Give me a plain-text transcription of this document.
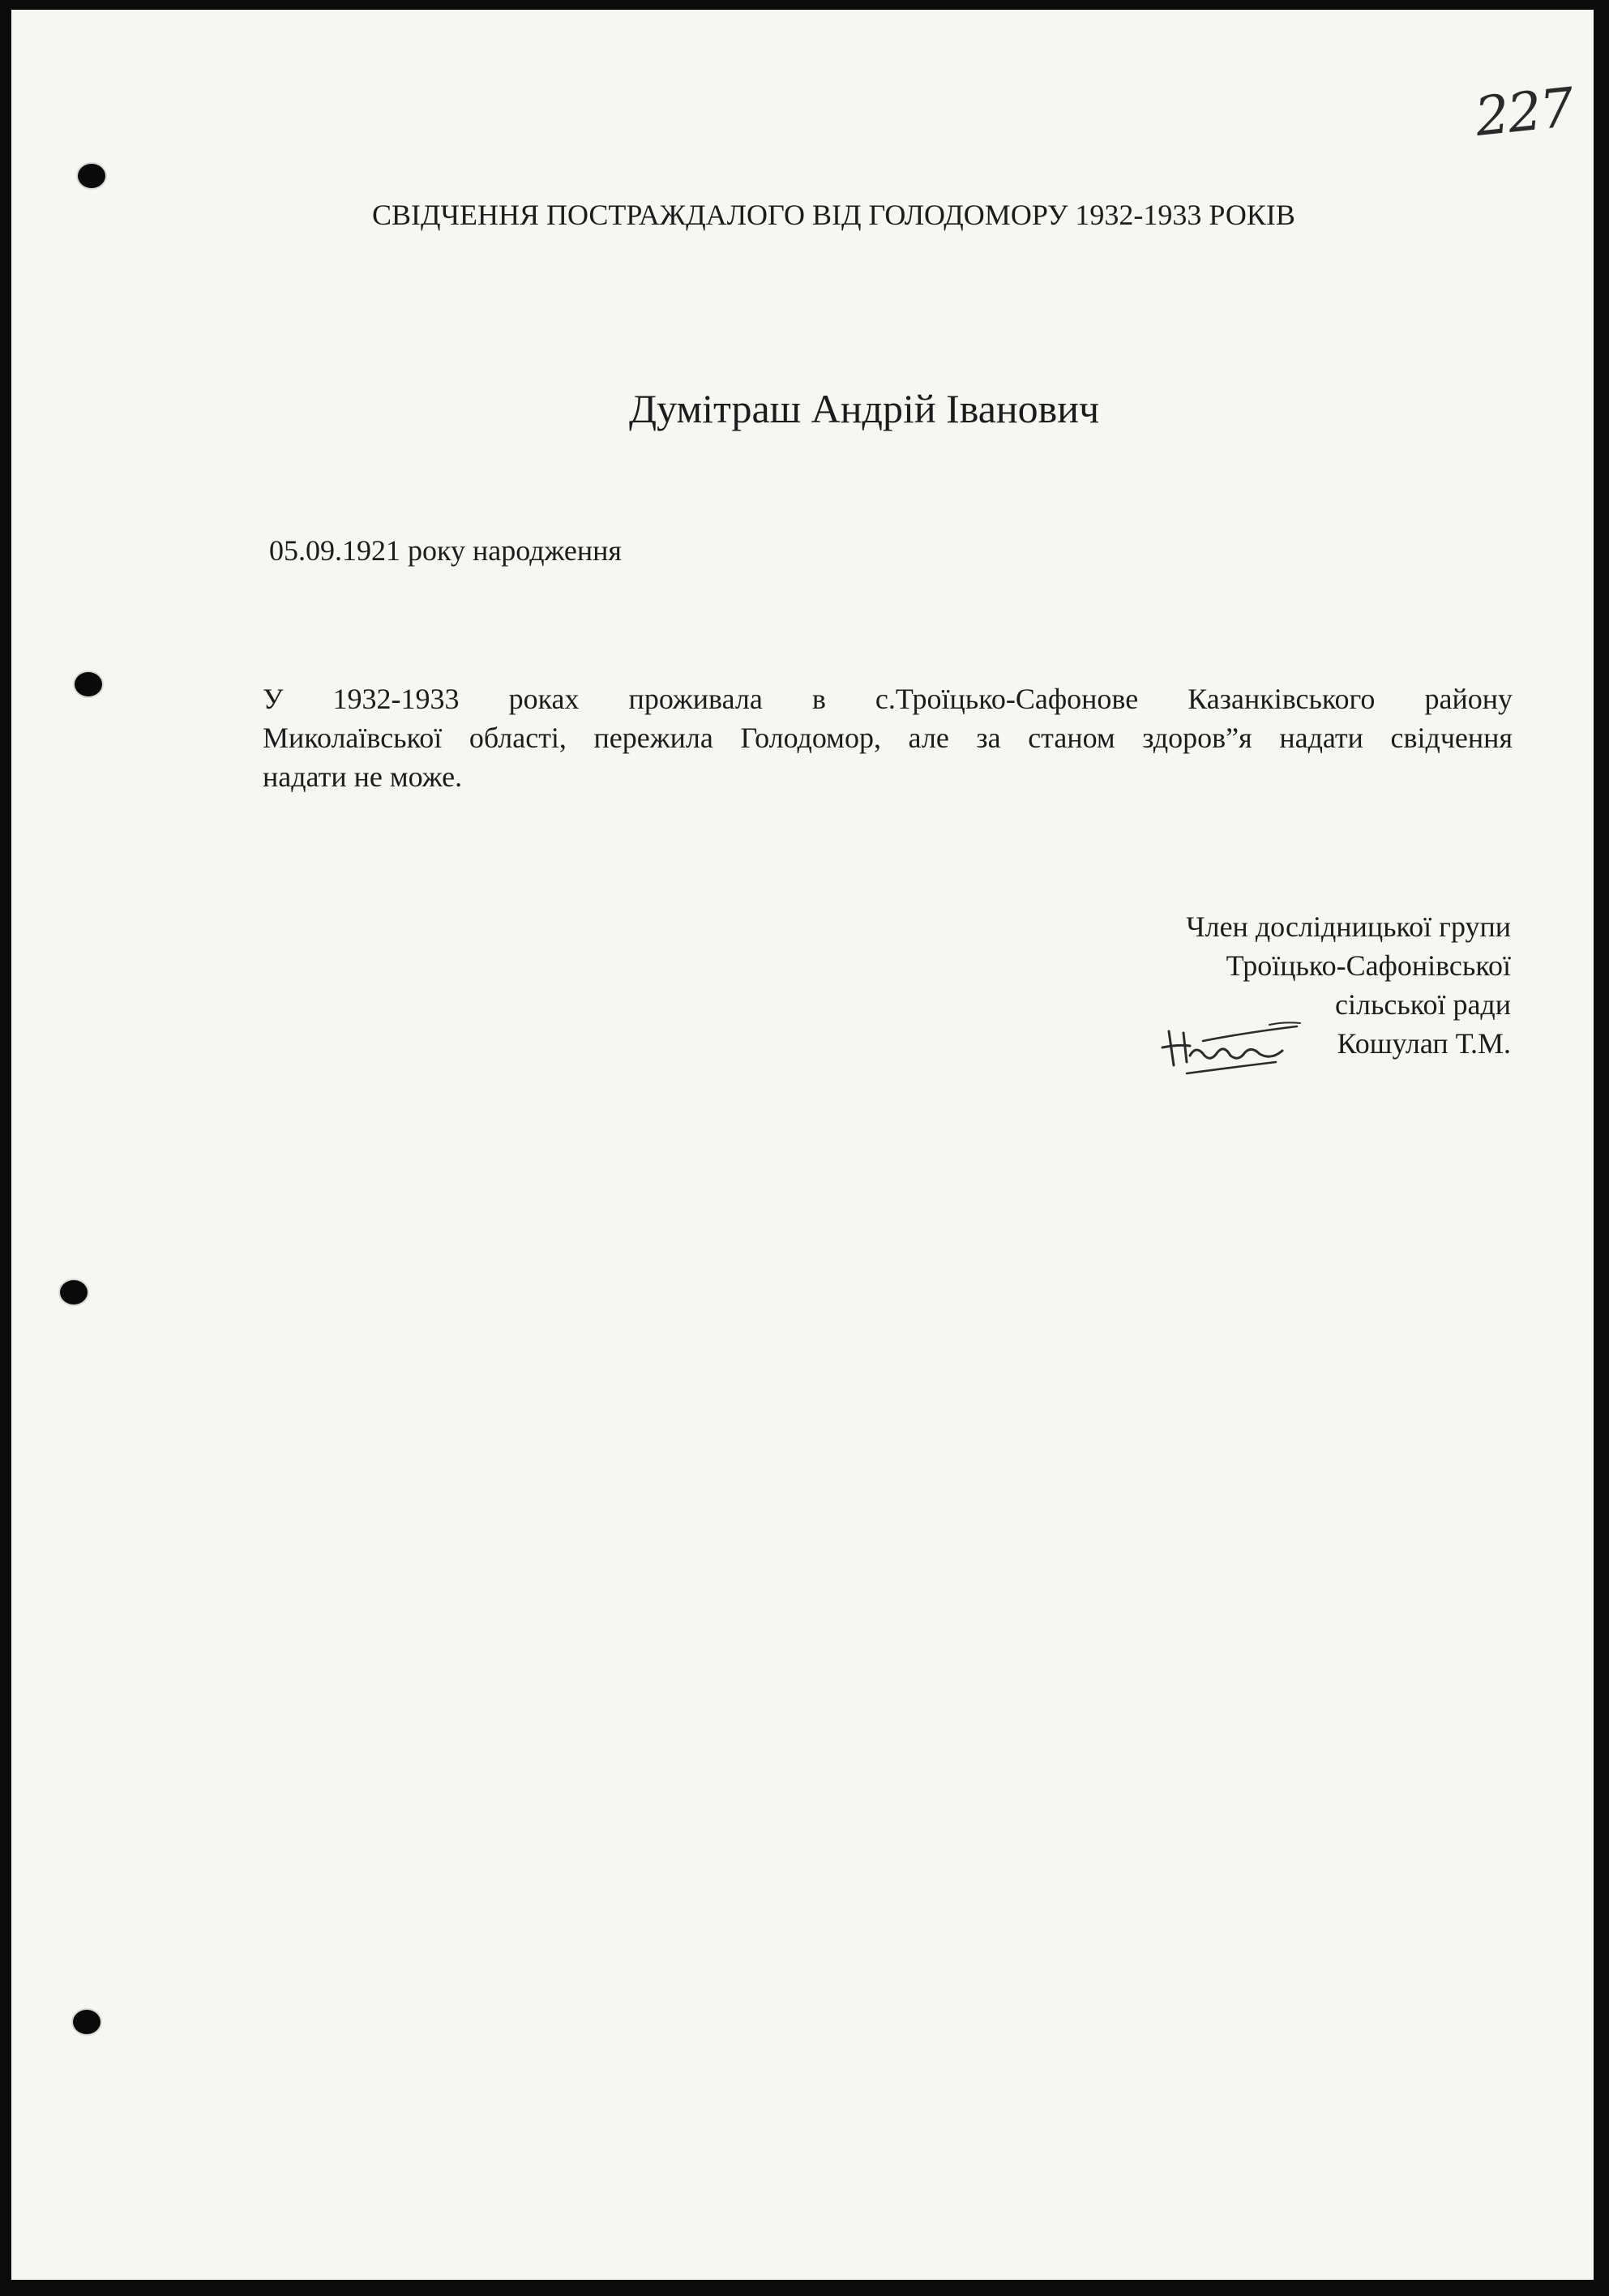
227
СВІДЧЕННЯ ПОСТРАЖДАЛОГО ВІД ГОЛОДОМОРУ 1932-1933 РОКІВ
Думітраш Андрій Іванович
05.09.1921 року народження
У 1932-1933 роках проживала в с.Троїцько-Сафонове Казанківського району
Миколаївської області, пережила Голодомор, але за станом здоров”я надати свідчення
надати не може.
Член дослідницької групи
Троїцько-Сафонівської
сільської ради
Кошулап Т.М.
